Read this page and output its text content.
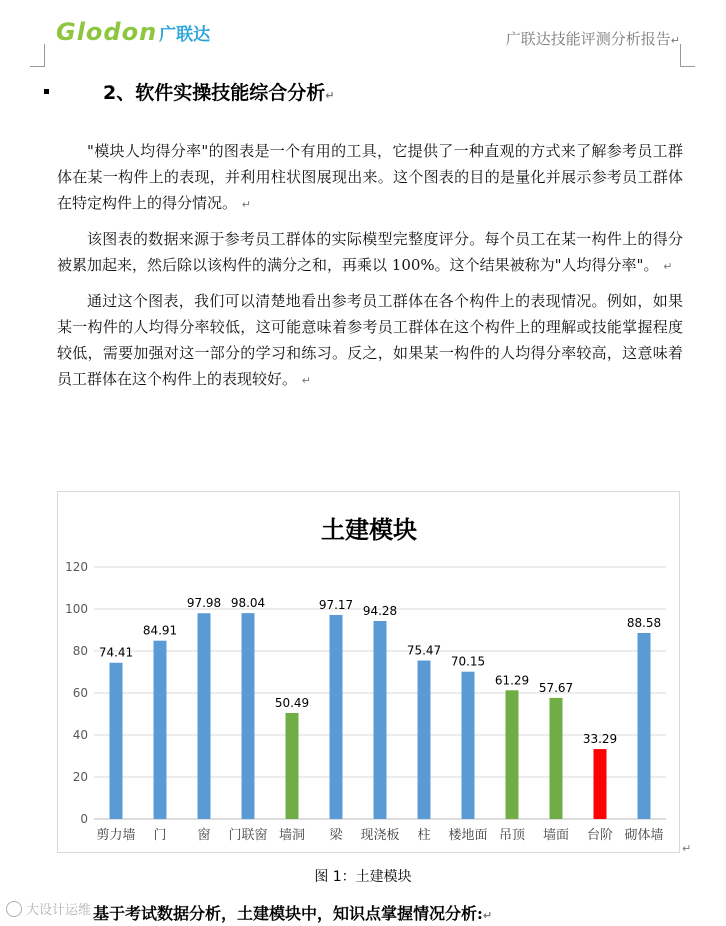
Glodon 广联达	广联达技能评测分析报告↵
2、软件实操技能综合分析↵

"模块人均得分率"的图表是一个有用的工具，它提供了一种直观的方式来了解参考员工群体在某一构件上的表现，并利用柱状图展现出来。这个图表的目的是量化并展示参考员工群体在特定构件上的得分情况。 ↵

该图表的数据来源于参考员工群体的实际模型完整度评分。每个员工在某一构件上的得分被累加起来，然后除以该构件的满分之和，再乘以 100%。这个结果被称为"人均得分率"。 ↵

通过这个图表，我们可以清楚地看出参考员工群体在各个构件上的表现情况。例如，如果某一构件的人均得分率较低，这可能意味着参考员工群体在这个构件上的理解或技能掌握程度较低，需要加强对这一部分的学习和练习。反之，如果某一构件的人均得分率较高，这意味着员工群体在这个构件上的表现较好。 ↵

土建模块
0
20
40
60
80
100
120
74.41
剪力墙
84.91
门
97.98
窗
98.04
门联窗
50.49
墙洞
97.17
梁
94.28
现浇板
75.47
柱
70.15
楼地面
61.29
吊顶
57.67
墙面
33.29
台阶
88.58
砌体墙
↵
图 1：土建模块
基于考试数据分析，土建模块中，知识点掌握情况分析:↵
大设计运维
